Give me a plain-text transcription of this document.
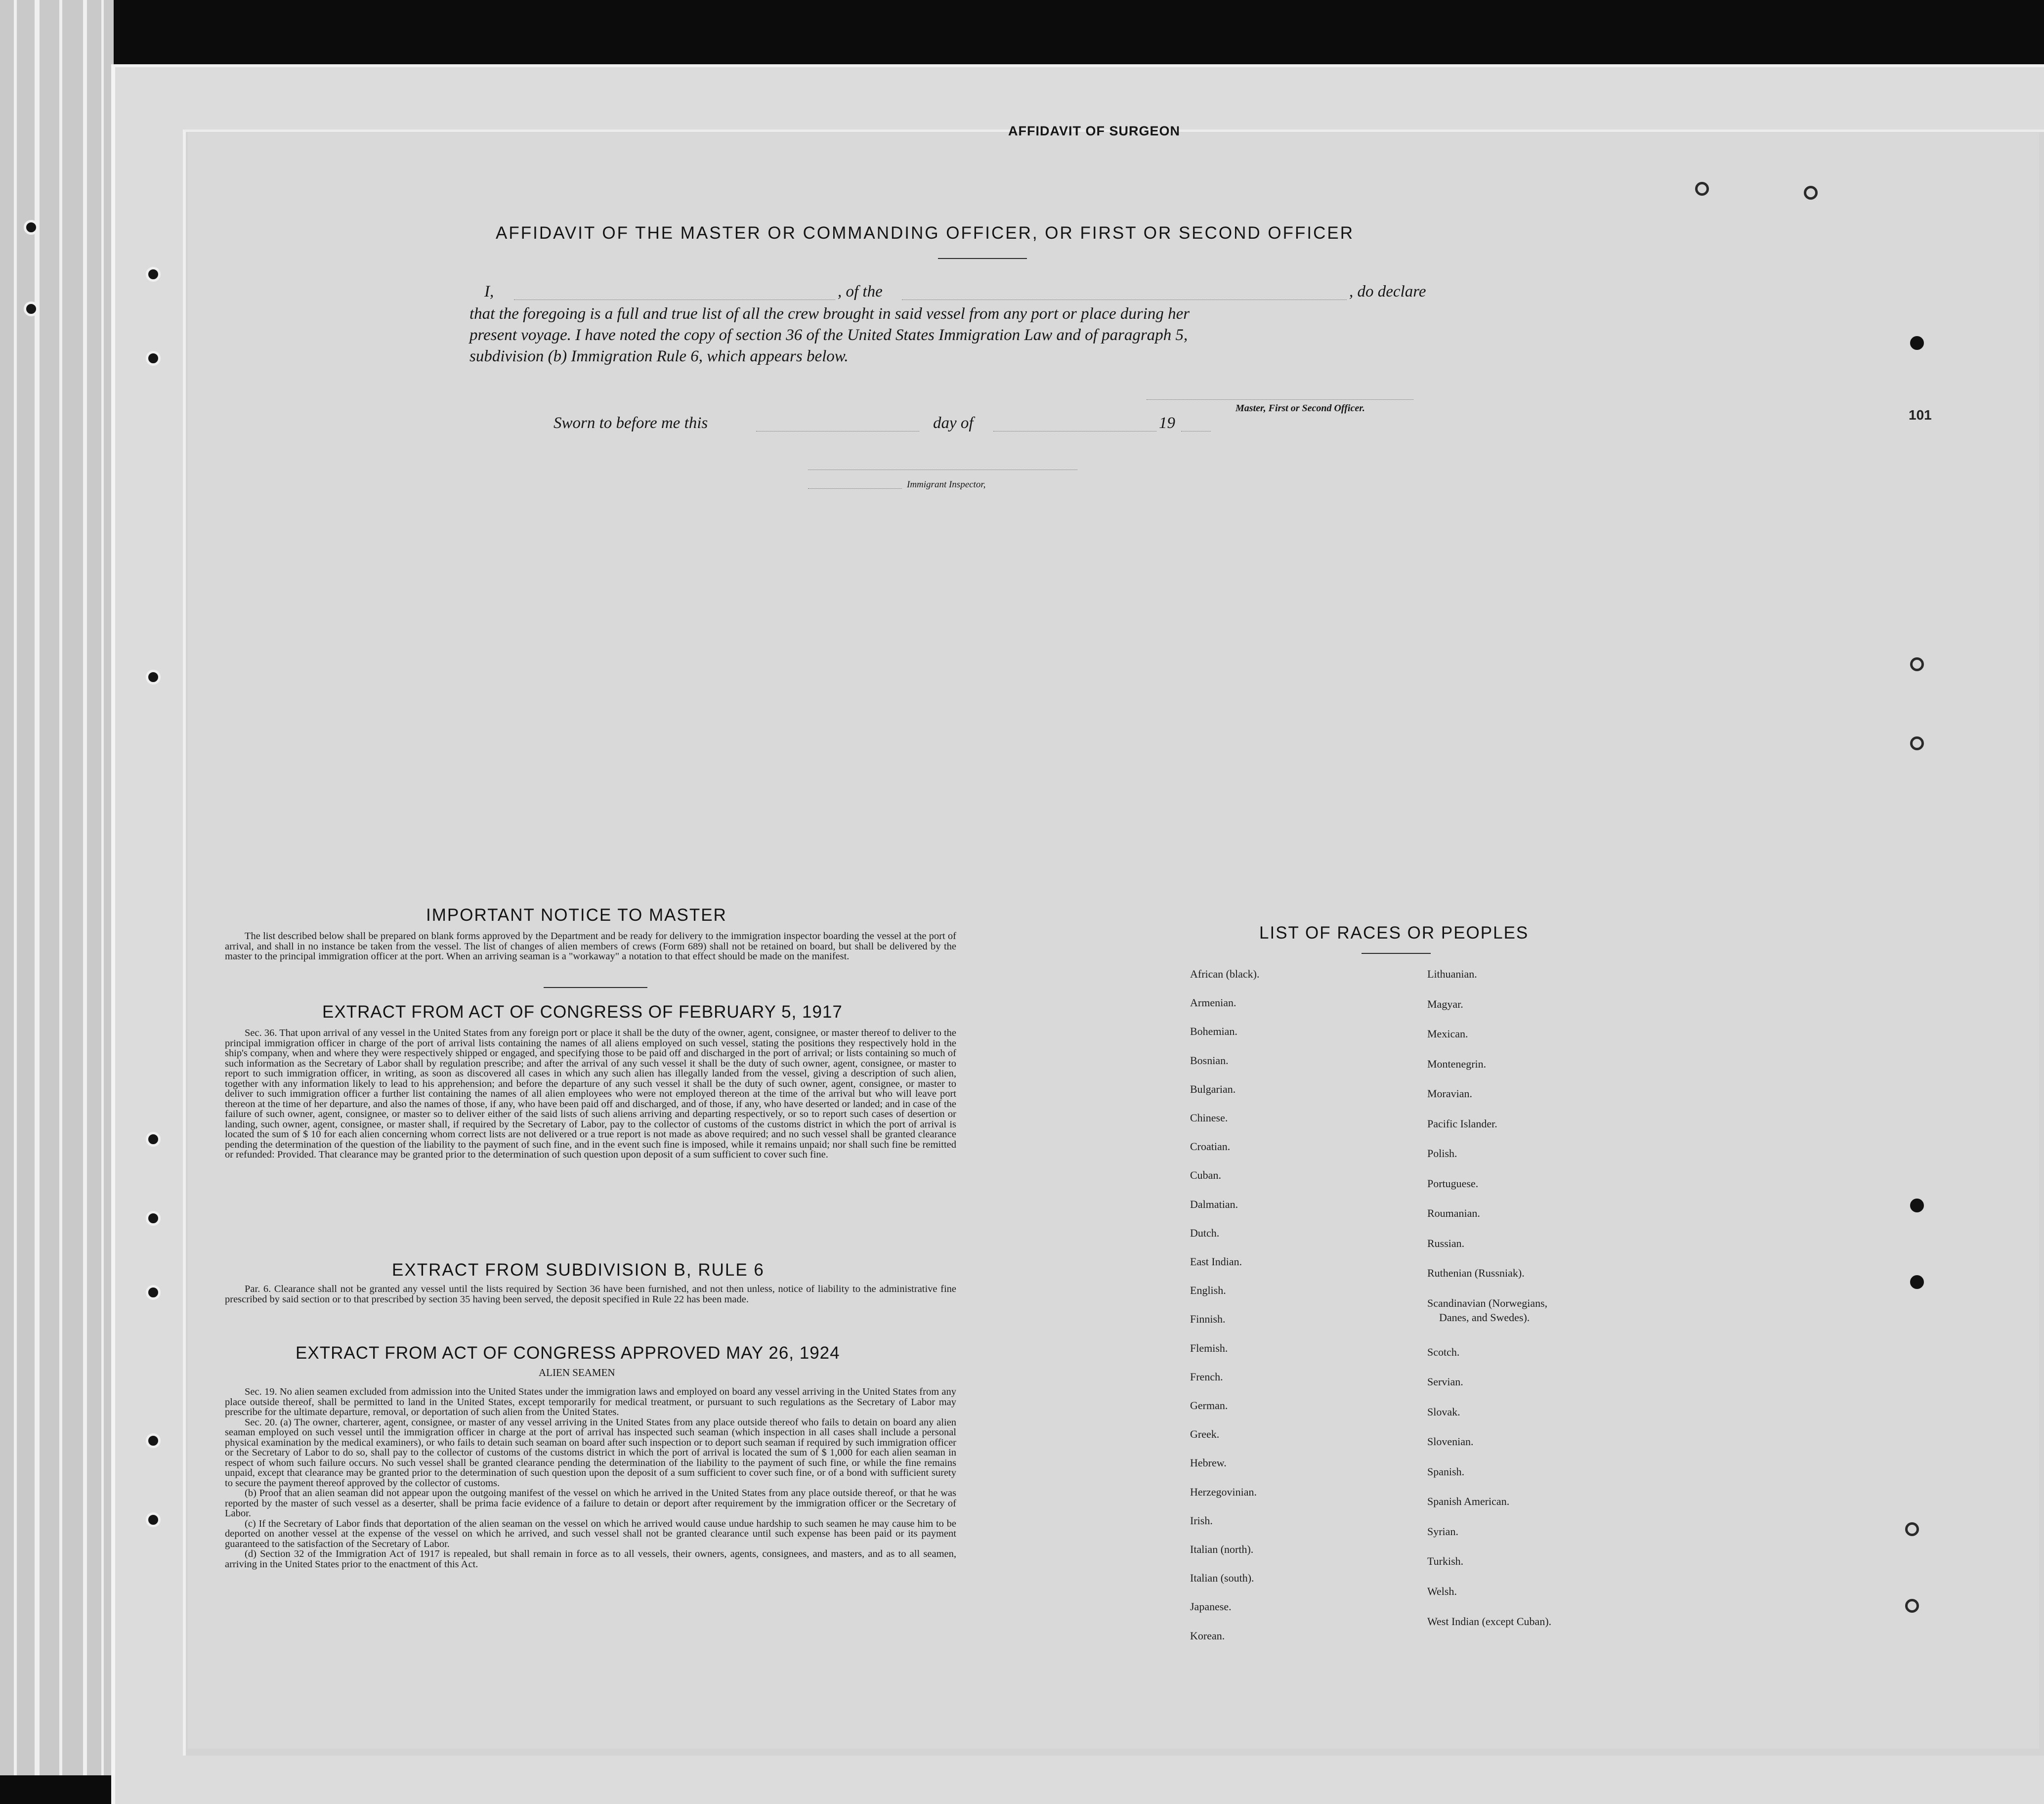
101
AFFIDAVIT OF SURGEON
AFFIDAVIT OF THE MASTER OR COMMANDING OFFICER, OR FIRST OR SECOND OFFICER
I,	, of the	, do declare
that the foregoing is a full and true list of all the crew brought in said vessel from any port or place during her
present voyage. I have noted the copy of section 36 of the United States Immigration Law and of paragraph 5,
subdivision (b) Immigration Rule 6, which appears below.
Master, First or Second Officer.
Sworn to before me this	day of	19
Immigrant Inspector,
IMPORTANT NOTICE TO MASTER

The list described below shall be prepared on blank forms approved by the Department and be ready for delivery to the immigration inspector boarding the vessel at the port of arrival, and shall in no instance be taken from the vessel. The list of changes of alien members of crews (Form 689) shall not be retained on board, but shall be delivered by the master to the principal immigration officer at the port. When an arriving seaman is a "workaway" a notation to that effect should be made on the manifest.

EXTRACT FROM ACT OF CONGRESS OF FEBRUARY 5, 1917

Sec. 36. That upon arrival of any vessel in the United States from any foreign port or place it shall be the duty of the owner, agent, consignee, or master thereof to deliver to the principal immigration officer in charge of the port of arrival lists containing the names of all aliens employed on such vessel, stating the positions they respectively hold in the ship's company, when and where they were respectively shipped or engaged, and specifying those to be paid off and discharged in the port of arrival; or lists containing so much of such information as the Secretary of Labor shall by regulation prescribe; and after the arrival of any such vessel it shall be the duty of such owner, agent, consignee, or master to report to such immigration officer, in writing, as soon as discovered all cases in which any such alien has illegally landed from the vessel, giving a description of such alien, together with any information likely to lead to his apprehension; and before the departure of any such vessel it shall be the duty of such owner, agent, consignee, or master to deliver to such immigration officer a further list containing the names of all alien employees who were not employed thereon at the time of the arrival but who will leave port thereon at the time of her departure, and also the names of those, if any, who have been paid off and discharged, and of those, if any, who have deserted or landed; and in case of the failure of such owner, agent, consignee, or master so to deliver either of the said lists of such aliens arriving and departing respectively, or so to report such cases of desertion or landing, such owner, agent, consignee, or master shall, if required by the Secretary of Labor, pay to the collector of customs of the customs district in which the port of arrival is located the sum of $ 10 for each alien concerning whom correct lists are not delivered or a true report is not made as above required; and no such vessel shall be granted clearance pending the determination of the question of the liability to the payment of such fine, and in the event such fine is imposed, while it remains unpaid; nor shall such fine be remitted or refunded: Provided. That clearance may be granted prior to the determination of such question upon deposit of a sum sufficient to cover such fine.

EXTRACT FROM SUBDIVISION B, RULE 6

Par. 6. Clearance shall not be granted any vessel until the lists required by Section 36 have been furnished, and not then unless, notice of liability to the administrative fine prescribed by said section or to that prescribed by section 35 having been served, the deposit specified in Rule 22 has been made.

EXTRACT FROM ACT OF CONGRESS APPROVED MAY 26, 1924
ALIEN SEAMEN

Sec. 19. No alien seamen excluded from admission into the United States under the immigration laws and employed on board any vessel arriving in the United States from any place outside thereof, shall be permitted to land in the United States, except temporarily for medical treatment, or pursuant to such regulations as the Secretary of Labor may prescribe for the ultimate departure, removal, or deportation of such alien from the United States.

Sec. 20. (a) The owner, charterer, agent, consignee, or master of any vessel arriving in the United States from any place outside thereof who fails to detain on board any alien seaman employed on such vessel until the immigration officer in charge at the port of arrival has inspected such seaman (which inspection in all cases shall include a personal physical examination by the medical examiners), or who fails to detain such seaman on board after such inspection or to deport such seaman if required by such immigration officer or the Secretary of Labor to do so, shall pay to the collector of customs of the customs district in which the port of arrival is located the sum of $ 1,000 for each alien seaman in respect of whom such failure occurs. No such vessel shall be granted clearance pending the determination of the liability to the payment of such fine, or while the fine remains unpaid, except that clearance may be granted prior to the determination of such question upon the deposit of a sum sufficient to cover such fine, or of a bond with sufficient surety to secure the payment thereof approved by the collector of customs.

(b) Proof that an alien seaman did not appear upon the outgoing manifest of the vessel on which he arrived in the United States from any place outside thereof, or that he was reported by the master of such vessel as a deserter, shall be prima facie evidence of a failure to detain or deport after requirement by the immigration officer or the Secretary of Labor.

(c) If the Secretary of Labor finds that deportation of the alien seaman on the vessel on which he arrived would cause undue hardship to such seamen he may cause him to be deported on another vessel at the expense of the vessel on which he arrived, and such vessel shall not be granted clearance until such expense has been paid or its payment guaranteed to the satisfaction of the Secretary of Labor.

(d) Section 32 of the Immigration Act of 1917 is repealed, but shall remain in force as to all vessels, their owners, agents, consignees, and masters, and as to all seamen, arriving in the United States prior to the enactment of this Act.

LIST OF RACES OR PEOPLES
African (black).
Armenian.
Bohemian.
Bosnian.
Bulgarian.
Chinese.
Croatian.
Cuban.
Dalmatian.
Dutch.
East Indian.
English.
Finnish.
Flemish.
French.
German.
Greek.
Hebrew.
Herzegovinian.
Irish.
Italian (north).
Italian (south).
Japanese.
Korean.
Lithuanian.
Magyar.
Mexican.
Montenegrin.
Moravian.
Pacific Islander.
Polish.
Portuguese.
Roumanian.
Russian.
Ruthenian (Russniak).
Scandinavian (Norwegians,
Danes, and Swedes).
Scotch.
Servian.
Slovak.
Slovenian.
Spanish.
Spanish American.
Syrian.
Turkish.
Welsh.
West Indian (except Cuban).
